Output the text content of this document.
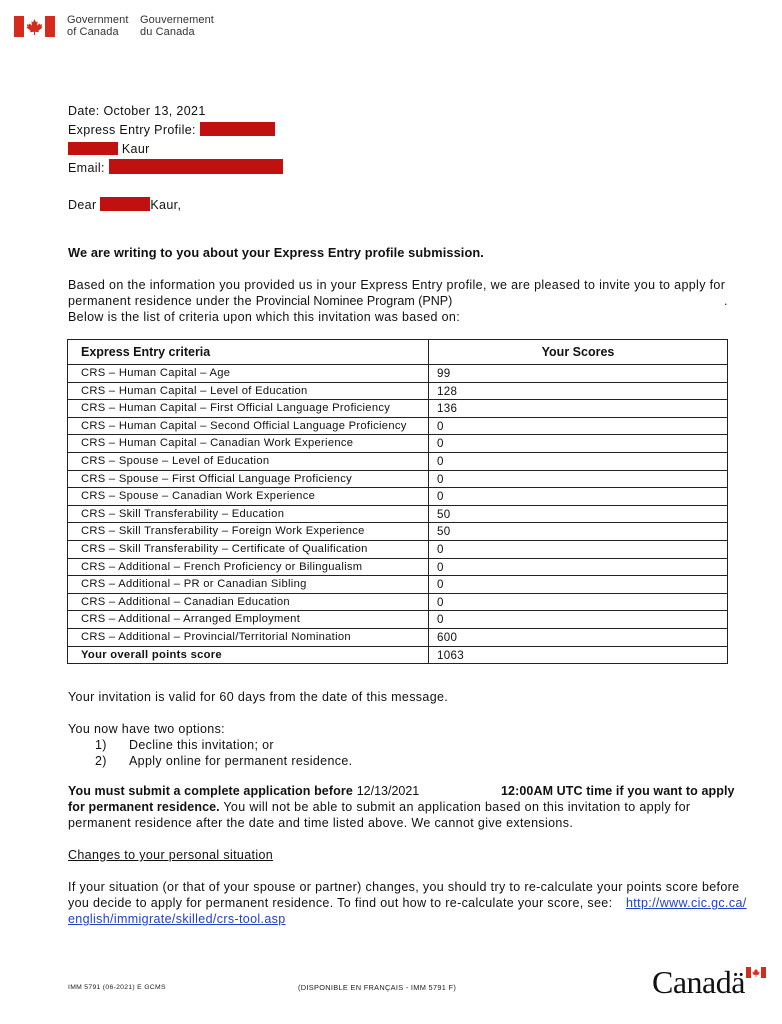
Government
of Canada
Gouvernement
du Canada
Date: October 13, 2021
Express Entry Profile:
Kaur
Email:
Dear	Kaur,
We are writing to you about your Express Entry profile submission.
Based on the information you provided us in your Express Entry profile, we are pleased to invite you to apply for
permanent residence under the Provincial Nominee Program (PNP)	.
Below is the list of criteria upon which this invitation was based on:
Express Entry criteria	Your Scores
CRS – Human Capital – Age	99
CRS – Human Capital – Level of Education	128
CRS – Human Capital – First Official Language Proficiency	136
CRS – Human Capital – Second Official Language Proficiency	0
CRS – Human Capital – Canadian Work Experience	0
CRS – Spouse – Level of Education	0
CRS – Spouse – First Official Language Proficiency	0
CRS – Spouse – Canadian Work Experience	0
CRS – Skill Transferability – Education	50
CRS – Skill Transferability – Foreign Work Experience	50
CRS – Skill Transferability – Certificate of Qualification	0
CRS – Additional – French Proficiency or Bilingualism	0
CRS – Additional – PR or Canadian Sibling	0
CRS – Additional – Canadian Education	0
CRS – Additional – Arranged Employment	0
CRS – Additional – Provincial/Territorial Nomination	600
Your overall points score	1063
Your invitation is valid for 60 days from the date of this message.
You now have two options:
1) Decline this invitation; or
2) Apply online for permanent residence.
You must submit a complete application before 12/13/2021	12:00AM UTC time if you want to apply
for permanent residence. You will not be able to submit an application based on this invitation to apply for
permanent residence after the date and time listed above. We cannot give extensions.
Changes to your personal situation
If your situation (or that of your spouse or partner) changes, you should try to re-calculate your points score before
you decide to apply for permanent residence. To find out how to re-calculate your score, see: http://www.cic.gc.ca/
english/immigrate/skilled/crs-tool.asp
IMM 5791 (06-2021) E GCMS	(DISPONIBLE EN FRANÇAIS - IMM 5791 F)	Canadä
